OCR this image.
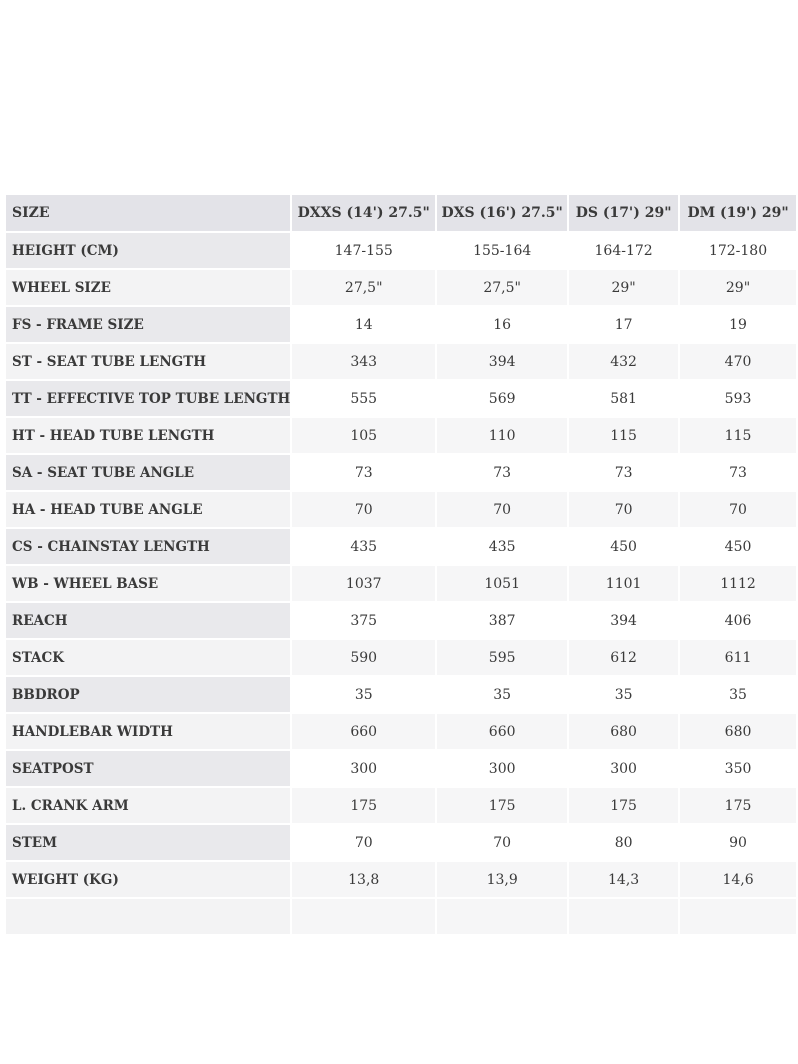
SIZE	DXXS (14') 27.5"	DXS (16') 27.5"	DS (17') 29"	DM (19') 29"
HEIGHT (CM)	147-155	155-164	164-172	172-180
WHEEL SIZE	27,5"	27,5"	29"	29"
FS - FRAME SIZE	14	16	17	19
ST - SEAT TUBE LENGTH	343	394	432	470
TT - EFFECTIVE TOP TUBE LENGTH	555	569	581	593
HT - HEAD TUBE LENGTH	105	110	115	115
SA - SEAT TUBE ANGLE	73	73	73	73
HA - HEAD TUBE ANGLE	70	70	70	70
CS - CHAINSTAY LENGTH	435	435	450	450
WB - WHEEL BASE	1037	1051	1101	1112
REACH	375	387	394	406
STACK	590	595	612	611
BBDROP	35	35	35	35
HANDLEBAR WIDTH	660	660	680	680
SEATPOST	300	300	300	350
L. CRANK ARM	175	175	175	175
STEM	70	70	80	90
WEIGHT (KG)	13,8	13,9	14,3	14,6
